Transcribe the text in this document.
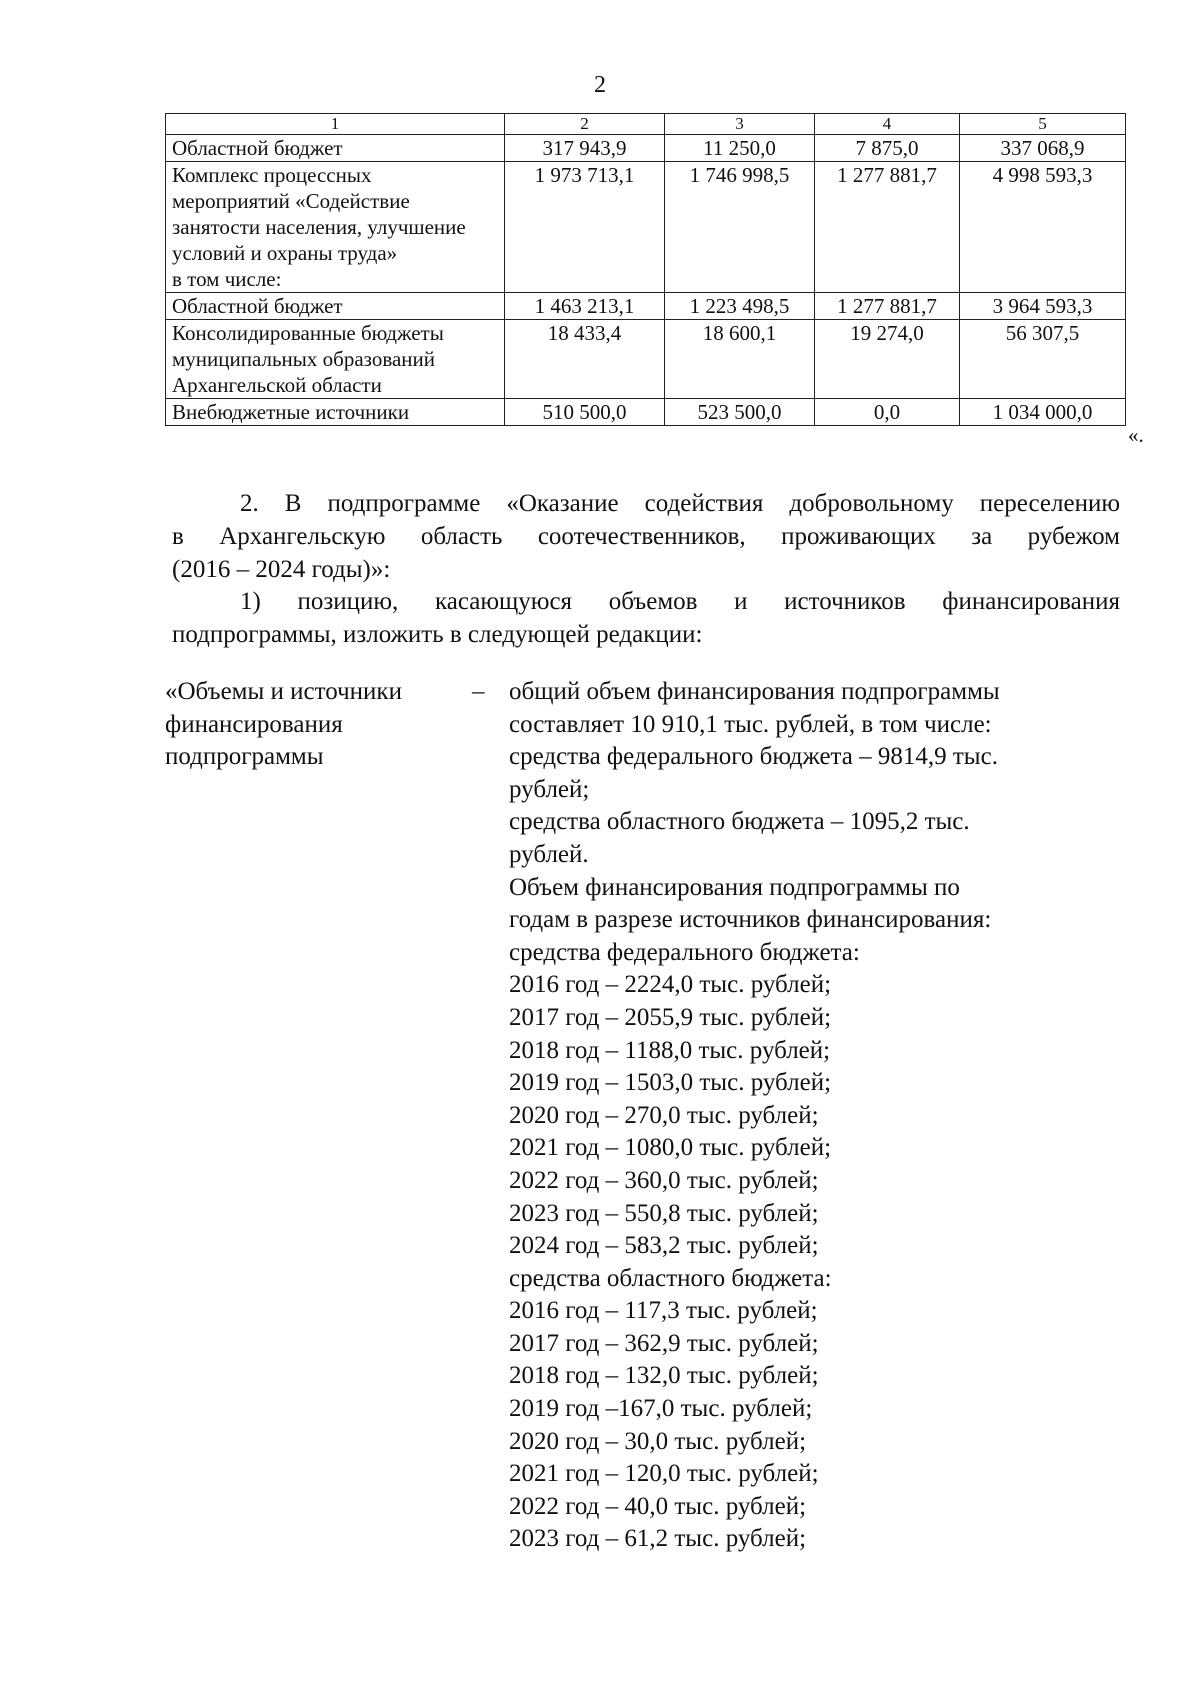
2
1	2	3	4	5

Областной бюджет	317 943,9	11 250,0	7 875,0	337 068,9

Комплекс процессных
мероприятий «Содействие
занятости населения, улучшение
условий и охраны труда»
в том числе:	1 973 713,1	1 746 998,5	1 277 881,7	4 998 593,3

Областной бюджет	1 463 213,1	1 223 498,5	1 277 881,7	3 964 593,3

Консолидированные бюджеты
муниципальных образований
Архангельской области	18 433,4	18 600,1	19 274,0	56 307,5

Внебюджетные источники	510 500,0	523 500,0	0,0	1 034 000,0
«.
2. В подпрограмме «Оказание содействия добровольному переселению
в Архангельскую область соотечественников, проживающих за рубежом
(2016 – 2024 годы)»:
1) позицию, касающуюся объемов и источников финансирования
подпрограммы, изложить в следующей редакции:
«Объемы и источники
финансирования
подпрограммы
– общий объем финансирования подпрограммы
составляет 10 910,1 тыс. рублей, в том числе:
средства федерального бюджета – 9814,9 тыс.
рублей;
средства областного бюджета – 1095,2 тыс.
рублей.
Объем финансирования подпрограммы по
годам в разрезе источников финансирования:
средства федерального бюджета:
2016 год – 2224,0 тыс. рублей;
2017 год – 2055,9 тыс. рублей;
2018 год – 1188,0 тыс. рублей;
2019 год – 1503,0 тыс. рублей;
2020 год – 270,0 тыс. рублей;
2021 год – 1080,0 тыс. рублей;
2022 год – 360,0 тыс. рублей;
2023 год – 550,8 тыс. рублей;
2024 год – 583,2 тыс. рублей;
средства областного бюджета:
2016 год – 117,3 тыс. рублей;
2017 год – 362,9 тыс. рублей;
2018 год – 132,0 тыс. рублей;
2019 год –167,0 тыс. рублей;
2020 год – 30,0 тыс. рублей;
2021 год – 120,0 тыс. рублей;
2022 год – 40,0 тыс. рублей;
2023 год – 61,2 тыс. рублей;
